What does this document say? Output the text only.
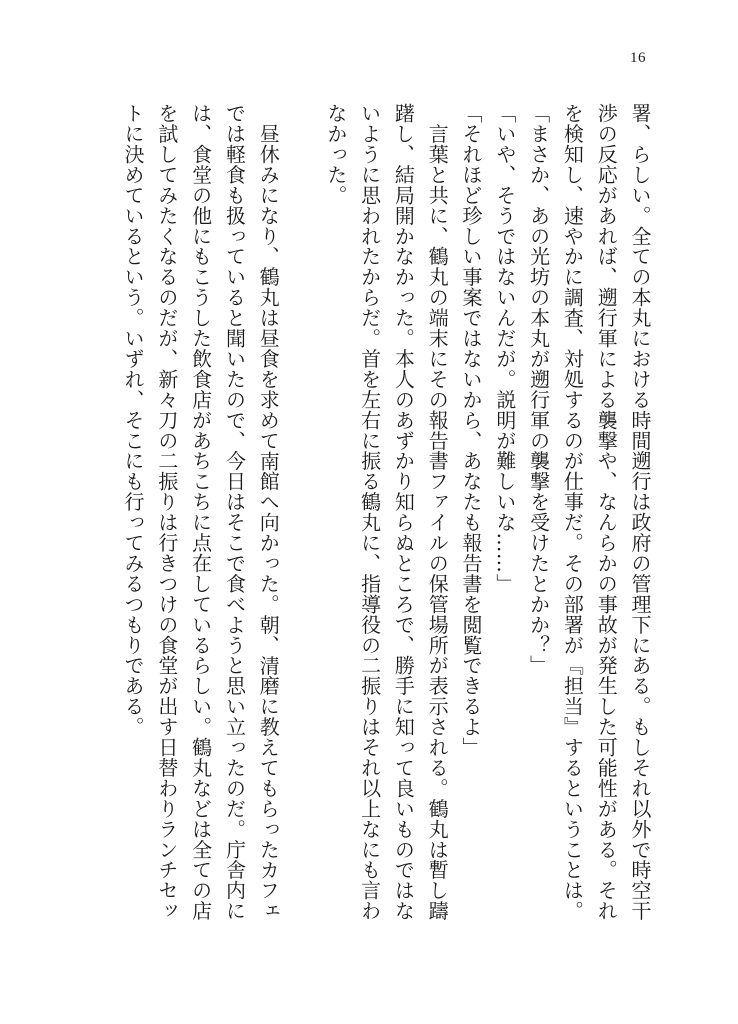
16

署、らしい。全ての本丸における時間遡行は政府の管理下にある。もしそれ以外で時空干

渉の反応があれば、遡行軍による襲撃や、なんらかの事故が発生した可能性がある。それ

を検知し、速やかに調査、対処するのが仕事だ。その部署が『担当』するということは。

「まさか、あの光坊の本丸が遡行軍の襲撃を受けたとかか？」

「いや、そうではないんだが。説明が難しいな……」

「それほど珍しい事案ではないから、あなたも報告書を閲覧できるよ」

　言葉と共に、鶴丸の端末にその報告書ファイルの保管場所が表示される。鶴丸は暫し躊

躇し、結局開かなかった。本人のあずかり知らぬところで、勝手に知って良いものではな

いように思われたからだ。首を左右に振る鶴丸に、指導役の二振りはそれ以上なにも言わ

なかった。

　昼休みになり、鶴丸は昼食を求めて南館へ向かった。朝、清磨に教えてもらったカフェ

では軽食も扱っていると聞いたので、今日はそこで食べようと思い立ったのだ。庁舎内に

は、食堂の他にもこうした飲食店があちこちに点在しているらしい。鶴丸などは全ての店

を試してみたくなるのだが、新々刀の二振りは行きつけの食堂が出す日替わりランチセッ

トに決めているという。いずれ、そこにも行ってみるつもりである。
